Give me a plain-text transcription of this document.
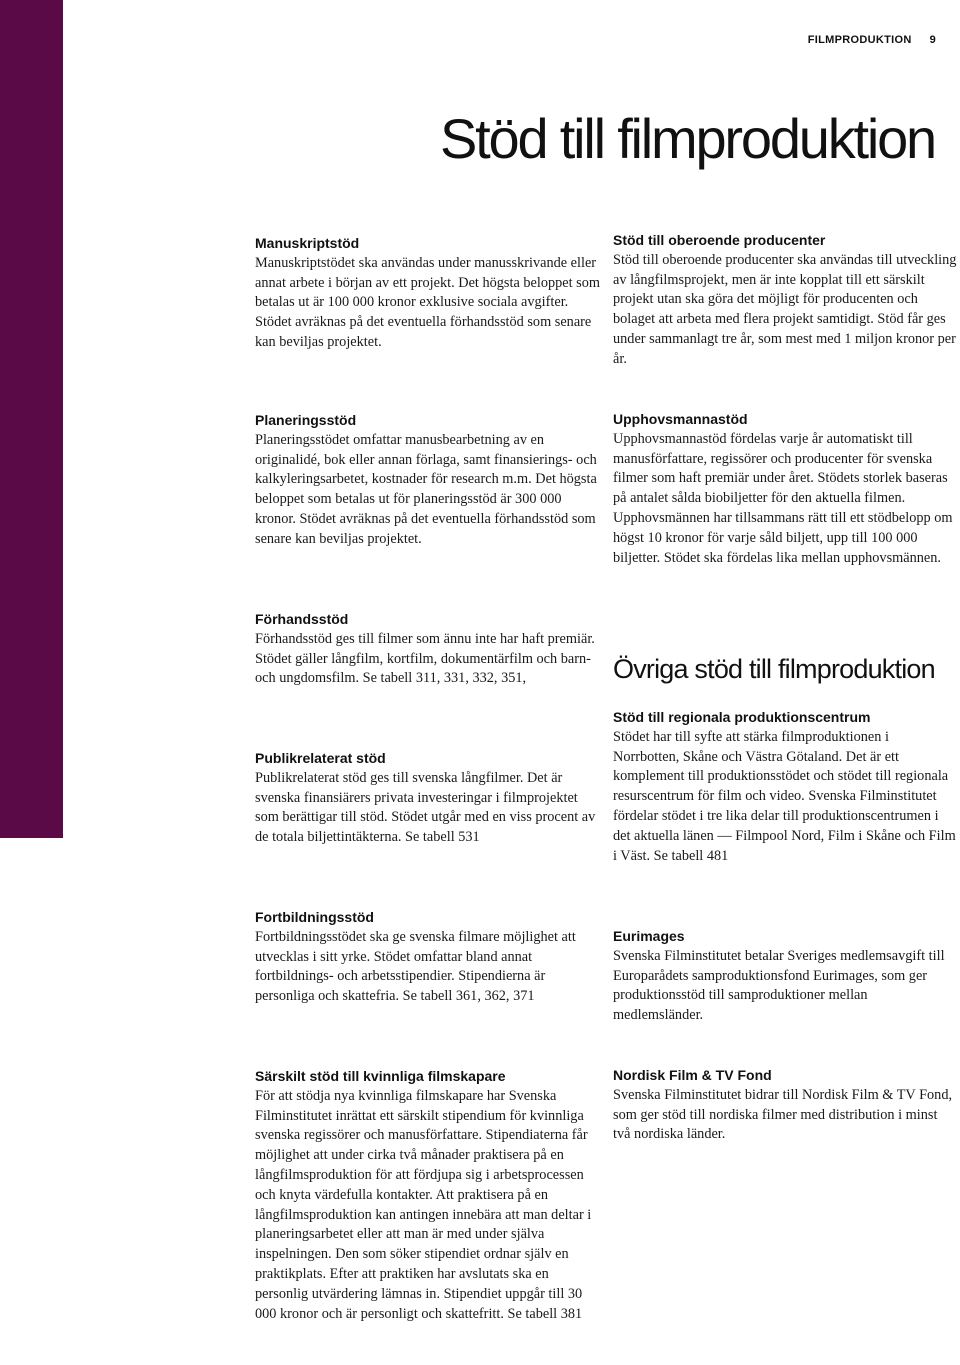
FILMPRODUKTION 9
Stöd till filmproduktion
Manuskriptstöd

Manuskriptstödet ska användas under manusskrivande eller annat arbete i början av ett projekt. Det högsta beloppet som betalas ut är 100 000 kronor exklusive sociala avgifter. Stödet avräknas på det eventuella förhandsstöd som senare kan beviljas projektet.

Planeringsstöd

Planeringsstödet omfattar manusbearbetning av en originalidé, bok eller annan förlaga, samt finansierings- och kalkyleringsarbetet, kostnader för research m.m. Det högsta beloppet som betalas ut för planeringsstöd är 300 000 kronor. Stödet avräknas på det eventuella förhandsstöd som senare kan beviljas projektet.

Förhandsstöd

Förhandsstöd ges till filmer som ännu inte har haft premiär. Stödet gäller långfilm, kortfilm, dokumentärfilm och barn- och ungdomsfilm. Se tabell 311, 331, 332, 351,

Publikrelaterat stöd

Publikrelaterat stöd ges till svenska långfilmer. Det är svenska finansiärers privata investeringar i filmprojektet som berättigar till stöd. Stödet utgår med en viss procent av de totala biljettintäkterna. Se tabell 531

Fortbildningsstöd

Fortbildningsstödet ska ge svenska filmare möjlighet att utvecklas i sitt yrke. Stödet omfattar bland annat fortbildnings- och arbetsstipendier. Stipendierna är personliga och skattefria. Se tabell 361, 362, 371

Särskilt stöd till kvinnliga filmskapare

För att stödja nya kvinnliga filmskapare har Svenska Filminstitutet inrättat ett särskilt stipendium för kvinnliga svenska regissörer och manusförfattare. Stipendiaterna får möjlighet att under cirka två månader praktisera på en långfilmsproduktion för att fördjupa sig i arbetsprocessen och knyta värdefulla kontakter. Att praktisera på en långfilmsproduktion kan antingen innebära att man deltar i planeringsarbetet eller att man är med under själva inspelningen. Den som söker stipendiet ordnar själv en praktikplats. Efter att praktiken har avslutats ska en personlig utvärdering lämnas in. Stipendiet uppgår till 30 000 kronor och är personligt och skattefritt. Se tabell 381

Stöd till oberoende producenter

Stöd till oberoende producenter ska användas till utveckling av långfilmsprojekt, men är inte kopplat till ett särskilt projekt utan ska göra det möjligt för producenten och bolaget att arbeta med flera projekt samtidigt. Stöd får ges under sammanlagt tre år, som mest med 1 miljon kronor per år.

Upphovsmannastöd

Upphovsmannastöd fördelas varje år automatiskt till manusförfattare, regissörer och producenter för svenska filmer som haft premiär under året. Stödets storlek baseras på antalet sålda biobiljetter för den aktuella filmen. Upphovsmännen har tillsammans rätt till ett stödbelopp om högst 10 kronor för varje såld biljett, upp till 100 000 biljetter. Stödet ska fördelas lika mellan upphovsmännen.

Övriga stöd till filmproduktion
Stöd till regionala produktionscentrum

Stödet har till syfte att stärka filmproduktionen i Norrbotten, Skåne och Västra Götaland. Det är ett komplement till produktionsstödet och stödet till regionala resurscentrum för film och video. Svenska Filminstitutet fördelar stödet i tre lika delar till produktionscentrumen i det aktuella länen — Filmpool Nord, Film i Skåne och Film i Väst. Se tabell 481

Eurimages

Svenska Filminstitutet betalar Sveriges medlemsavgift till Europarådets samproduktionsfond Eurimages, som ger produktionsstöd till samproduktioner mellan medlemsländer.

Nordisk Film & TV Fond

Svenska Filminstitutet bidrar till Nordisk Film & TV Fond, som ger stöd till nordiska filmer med distribution i minst två nordiska länder.
